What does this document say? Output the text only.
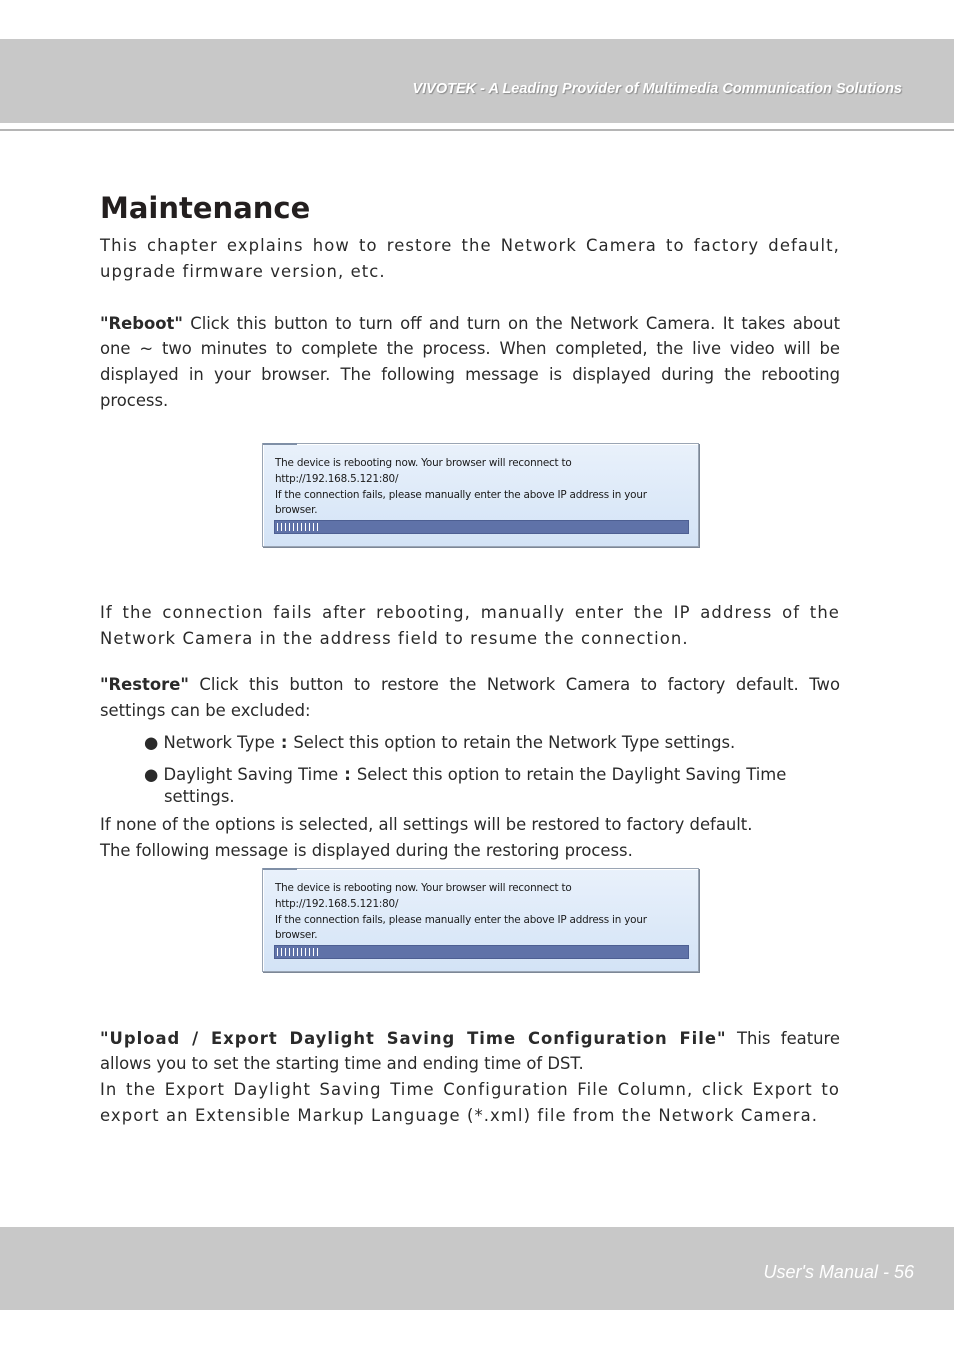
VIVOTEK - A Leading Provider of Multimedia Communication Solutions
Maintenance

This chapter explains how to restore the Network Camera to factory default, upgrade firmware version, etc.

"Reboot" Click this button to turn off and turn on the Network Camera. It takes about one ~ two minutes to complete the process. When completed, the live video will be displayed in your browser. The following message is displayed during the rebooting process.

If the connection fails after rebooting, manually enter the IP address of the Network Camera in the address field to resume the connection.

"Restore" Click this button to restore the Network Camera to factory default. Two settings can be excluded:

● Network Type : Select this option to retain the Network Type settings.
● Daylight Saving Time : Select this option to retain the Daylight Saving Time
settings.

If none of the options is selected, all settings will be restored to factory default.

The following message is displayed during the restoring process.

"Upload / Export Daylight Saving Time Configuration File" This feature allows you to set the starting time and ending time of DST.

In the Export Daylight Saving Time Configuration File Column, click Export to export an Extensible Markup Language (*.xml) file from the Network Camera.

The device is rebooting now. Your browser will reconnect to
http://192.168.5.121:80/
If the connection fails, please manually enter the above IP address in your
browser.
The device is rebooting now. Your browser will reconnect to
http://192.168.5.121:80/
If the connection fails, please manually enter the above IP address in your
browser.
User's Manual - 56
